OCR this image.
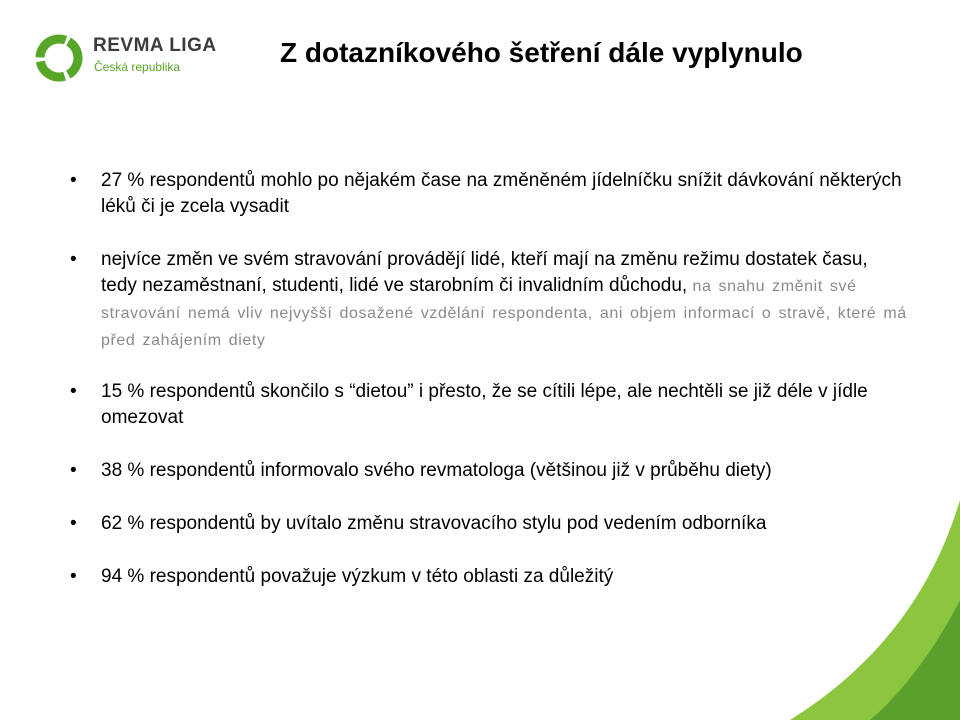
REVMA LIGA
Česká republika	Z dotazníkového šetření dále vyplynulo
• 27 % respondentů mohlo po nějakém čase na změněném jídelníčku snížit dávkování některých léků či je zcela vysadit
• nejvíce změn ve svém stravování provádějí lidé, kteří mají na změnu režimu dostatek času, tedy nezaměstnaní, studenti, lidé ve starobním či invalidním důchodu, na snahu změnit své stravování nemá vliv nejvyšší dosažené vzdělání respondenta, ani objem informací o stravě, které má před zahájením diety
• 15 % respondentů skončilo s “dietou” i přesto, že se cítili lépe, ale nechtěli se již déle v jídle omezovat
• 38 % respondentů informovalo svého revmatologa (většinou již v průběhu diety)
• 62 % respondentů by uvítalo změnu stravovacího stylu pod vedením odborníka
• 94 % respondentů považuje výzkum v této oblasti za důležitý
